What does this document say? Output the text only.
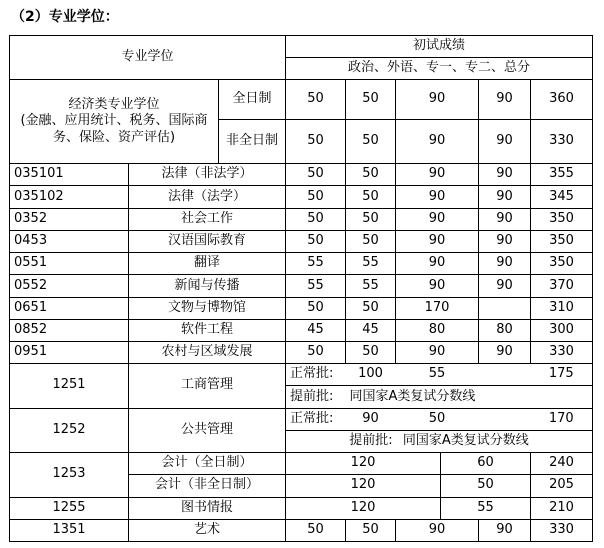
（2）专业学位：
专业学位			初试成绩					
			政治、外语、专一、专二、总分					

经济类专业学位
(金融、应用统计、税务、国际商务、保险、资产评估)		全日制	50	50	90		90	360
		非全日制	50	50	90		90	330
035101	法律（非法学）		50	50	90		90	355
035102	法律（法学）		50	50	90		90	345
0352	社会工作		50	50	90		90	350
0453	汉语国际教育		50	50	90		90	350
0551	翻译		55	55	90		90	350
0552	新闻与传播		55	55	90		90	370
0651	文物与博物馆		50	50	170			310
0852	软件工程		45	45	80		80	300
0951	农村与区域发展		50	50	90		90	330
1251	工商管理		正常批:	100	55			175
			提前批:	同国家A类复试分数线				
1252	公共管理		正常批:	90	50			170
			提前批: 同国家A类复试分数线					
1253	会计（全日制）		120			60		240
	会计（非全日制）		120			50		205
1255	图书情报		120			55		210
1351	艺术		50	50	90		90	330
